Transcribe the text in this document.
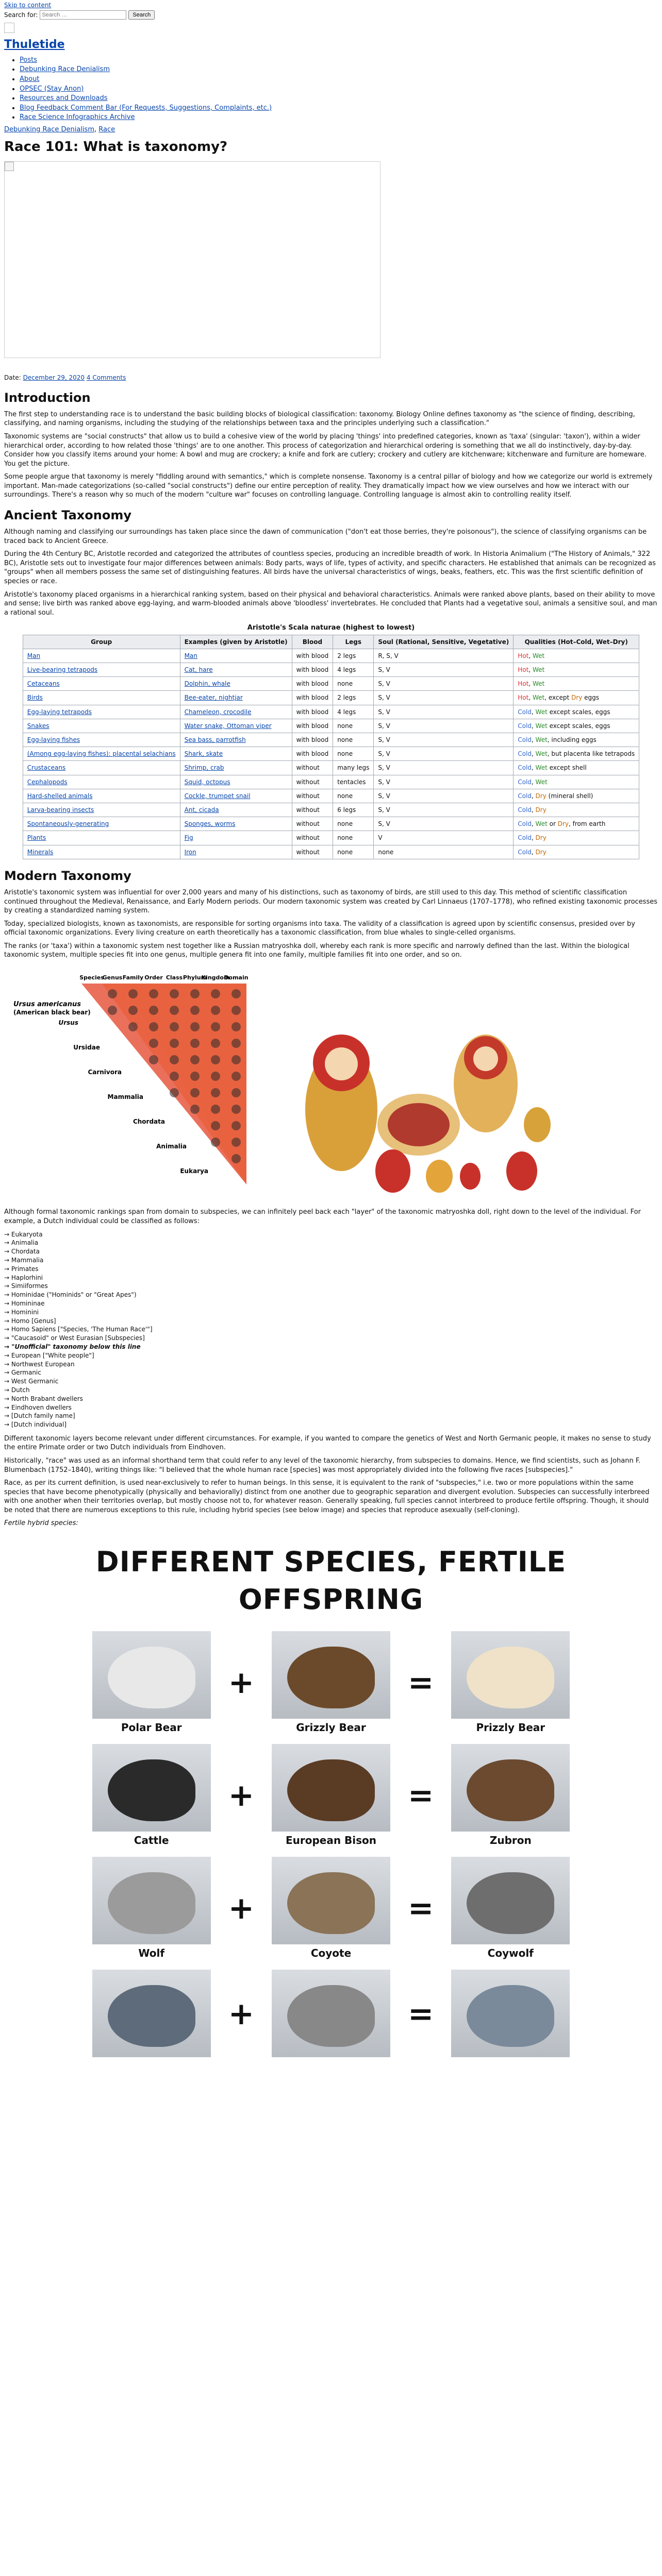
Skip to content
Search for:
Search …	Search
Thuletide
• Posts
• Debunking Race Denialism
• About
• OPSEC (Stay Anon)
• Resources and Downloads
• Blog Feedback Comment Bar (For Requests, Suggestions, Complaints, etc.)
• Race Science Infographics Archive
Debunking Race Denialism, Race
Race 101: What is taxonomy?
Date: December 29, 2020 4 Comments
Introduction

The first step to understanding race is to understand the basic building blocks of biological classification: taxonomy. Biology Online defines taxonomy as "the science of finding, describing, classifying, and naming organisms, including the studying of the relationships between taxa and the principles underlying such a classification."

Taxonomic systems are "social constructs" that allow us to build a cohesive view of the world by placing 'things' into predefined categories, known as 'taxa' (singular: 'taxon'), within a wider hierarchical order, according to how related those 'things' are to one another. This process of categorization and hierarchical ordering is something that we all do instinctively, day-by-day. Consider how you classify items around your home: A bowl and mug are crockery; a knife and fork are cutlery; crockery and cutlery are kitchenware; kitchenware and furniture are homeware. You get the picture.

Some people argue that taxonomy is merely "fiddling around with semantics," which is complete nonsense. Taxonomy is a central pillar of biology and how we categorize our world is extremely important. Man-made categorizations (so-called "social constructs") define our entire perception of reality. They dramatically impact how we view ourselves and how we interact with our surroundings. There's a reason why so much of the modern "culture war" focuses on controlling language. Controlling language is almost akin to controlling reality itself.

Ancient Taxonomy

Although naming and classifying our surroundings has taken place since the dawn of communication ("don't eat those berries, they're poisonous"), the science of classifying organisms can be traced back to Ancient Greece.

During the 4th Century BC, Aristotle recorded and categorized the attributes of countless species, producing an incredible breadth of work. In Historia Animalium ("The History of Animals," 322 BC), Aristotle sets out to investigate four major differences between animals: Body parts, ways of life, types of activity, and specific characters. He established that animals can be recognized as "groups" when all members possess the same set of distinguishing features. All birds have the universal characteristics of wings, beaks, feathers, etc. This was the first scientific definition of species or race.

Aristotle's taxonomy placed organisms in a hierarchical ranking system, based on their physical and behavioral characteristics. Animals were ranked above plants, based on their ability to move and sense; live birth was ranked above egg-laying, and warm-blooded animals above 'bloodless' invertebrates. He concluded that Plants had a vegetative soul, animals a sensitive soul, and man a rational soul.

Aristotle's Scala naturae (highest to lowest)
Group	Examples (given by Aristotle)	Blood	Legs	Soul (Rational, Sensitive, Vegetative)	Qualities (Hot–Cold, Wet–Dry)
Man	Man	with blood	2 legs	R, S, V	Hot, Wet
Live-bearing tetrapods	Cat, hare	with blood	4 legs	S, V	Hot, Wet
Cetaceans	Dolphin, whale	with blood	none	S, V	Hot, Wet
Birds	Bee-eater, nightjar	with blood	2 legs	S, V	Hot, Wet, except Dry eggs
Egg-laying tetrapods	Chameleon, crocodile	with blood	4 legs	S, V	Cold, Wet except scales, eggs
Snakes	Water snake, Ottoman viper	with blood	none	S, V	Cold, Wet except scales, eggs
Egg-laying fishes	Sea bass, parrotfish	with blood	none	S, V	Cold, Wet, including eggs
(Among egg-laying fishes): placental selachians	Shark, skate	with blood	none	S, V	Cold, Wet, but placenta like tetrapods
Crustaceans	Shrimp, crab	without	many legs	S, V	Cold, Wet except shell
Cephalopods	Squid, octopus	without	tentacles	S, V	Cold, Wet
Hard-shelled animals	Cockle, trumpet snail	without	none	S, V	Cold, Dry (mineral shell)
Larva-bearing insects	Ant, cicada	without	6 legs	S, V	Cold, Dry
Spontaneously-generating	Sponges, worms	without	none	S, V	Cold, Wet or Dry, from earth
Plants	Fig	without	none	V	Cold, Dry
Minerals	Iron	without	none	none	Cold, Dry
Modern Taxonomy

Aristotle's taxonomic system was influential for over 2,000 years and many of his distinctions, such as taxonomy of birds, are still used to this day. This method of scientific classification continued throughout the Medieval, Renaissance, and Early Modern periods. Our modern taxonomic system was created by Carl Linnaeus (1707–1778), who refined existing taxonomic processes by creating a standardized naming system.

Today, specialized biologists, known as taxonomists, are responsible for sorting organisms into taxa. The validity of a classification is agreed upon by scientific consensus, presided over by official taxonomic organizations. Every living creature on earth theoretically has a taxonomic classification, from blue whales to single-celled organisms.

The ranks (or 'taxa') within a taxonomic system nest together like a Russian matryoshka doll, whereby each rank is more specific and narrowly defined than the last. Within the biological taxonomic system, multiple species fit into one genus, multiple genera fit into one family, multiple families fit into one order, and so on.

Species
Genus Family Order Class Phylum
Kingdom
Domain
Ursus americanus
(American black bear)
Ursus
Ursidae
Carnivora
Mammalia
Chordata
Animalia
Eukarya

Although formal taxonomic rankings span from domain to subspecies, we can infinitely peel back each "layer" of the taxonomic matryoshka doll, right down to the level of the individual. For example, a Dutch individual could be classified as follows:

→ Eukaryota
→ Animalia
→ Chordata
→ Mammalia
→ Primates
→ Haplorhini
→ Simiiformes
→ Hominidae ("Hominids" or "Great Apes")
→ Homininae
→ Hominini
→ Homo [Genus]
→ Homo Sapiens ["Species, 'The Human Race'"]
→ "Caucasoid" or West Eurasian [Subspecies]
→ "Unofficial" taxonomy below this line
→ European ["White people"]
→ Northwest European
→ Germanic
→ West Germanic
→ Dutch
→ North Brabant dwellers
→ Eindhoven dwellers
→ [Dutch family name]
→ [Dutch individual]

Different taxonomic layers become relevant under different circumstances. For example, if you wanted to compare the genetics of West and North Germanic people, it makes no sense to study the entire Primate order or two Dutch individuals from Eindhoven.

Historically, "race" was used as an informal shorthand term that could refer to any level of the taxonomic hierarchy, from subspecies to domains. Hence, we find scientists, such as Johann F. Blumenbach (1752–1840), writing things like: "I believed that the whole human race [species] was most appropriately divided into the following five races [subspecies]."

Race, as per its current definition, is used near-exclusively to refer to human beings. In this sense, it is equivalent to the rank of "subspecies," i.e. two or more populations within the same species that have become phenotypically (physically and behaviorally) distinct from one another due to geographic separation and divergent evolution. Subspecies can successfully interbreed with one another when their territories overlap, but mostly choose not to, for whatever reason. Generally speaking, full species cannot interbreed to produce fertile offspring. Though, it should be noted that there are numerous exceptions to this rule, including hybrid species (see below image) and species that reproduce asexually (self-cloning).

Fertile hybrid species:

DIFFERENT SPECIES, FERTILE OFFSPRING
Polar Bear
+
Grizzly Bear
=
Prizzly Bear
Cattle
+
European Bison
=
Zubron
Wolf
+
Coyote
=
Coywolf
+	=
